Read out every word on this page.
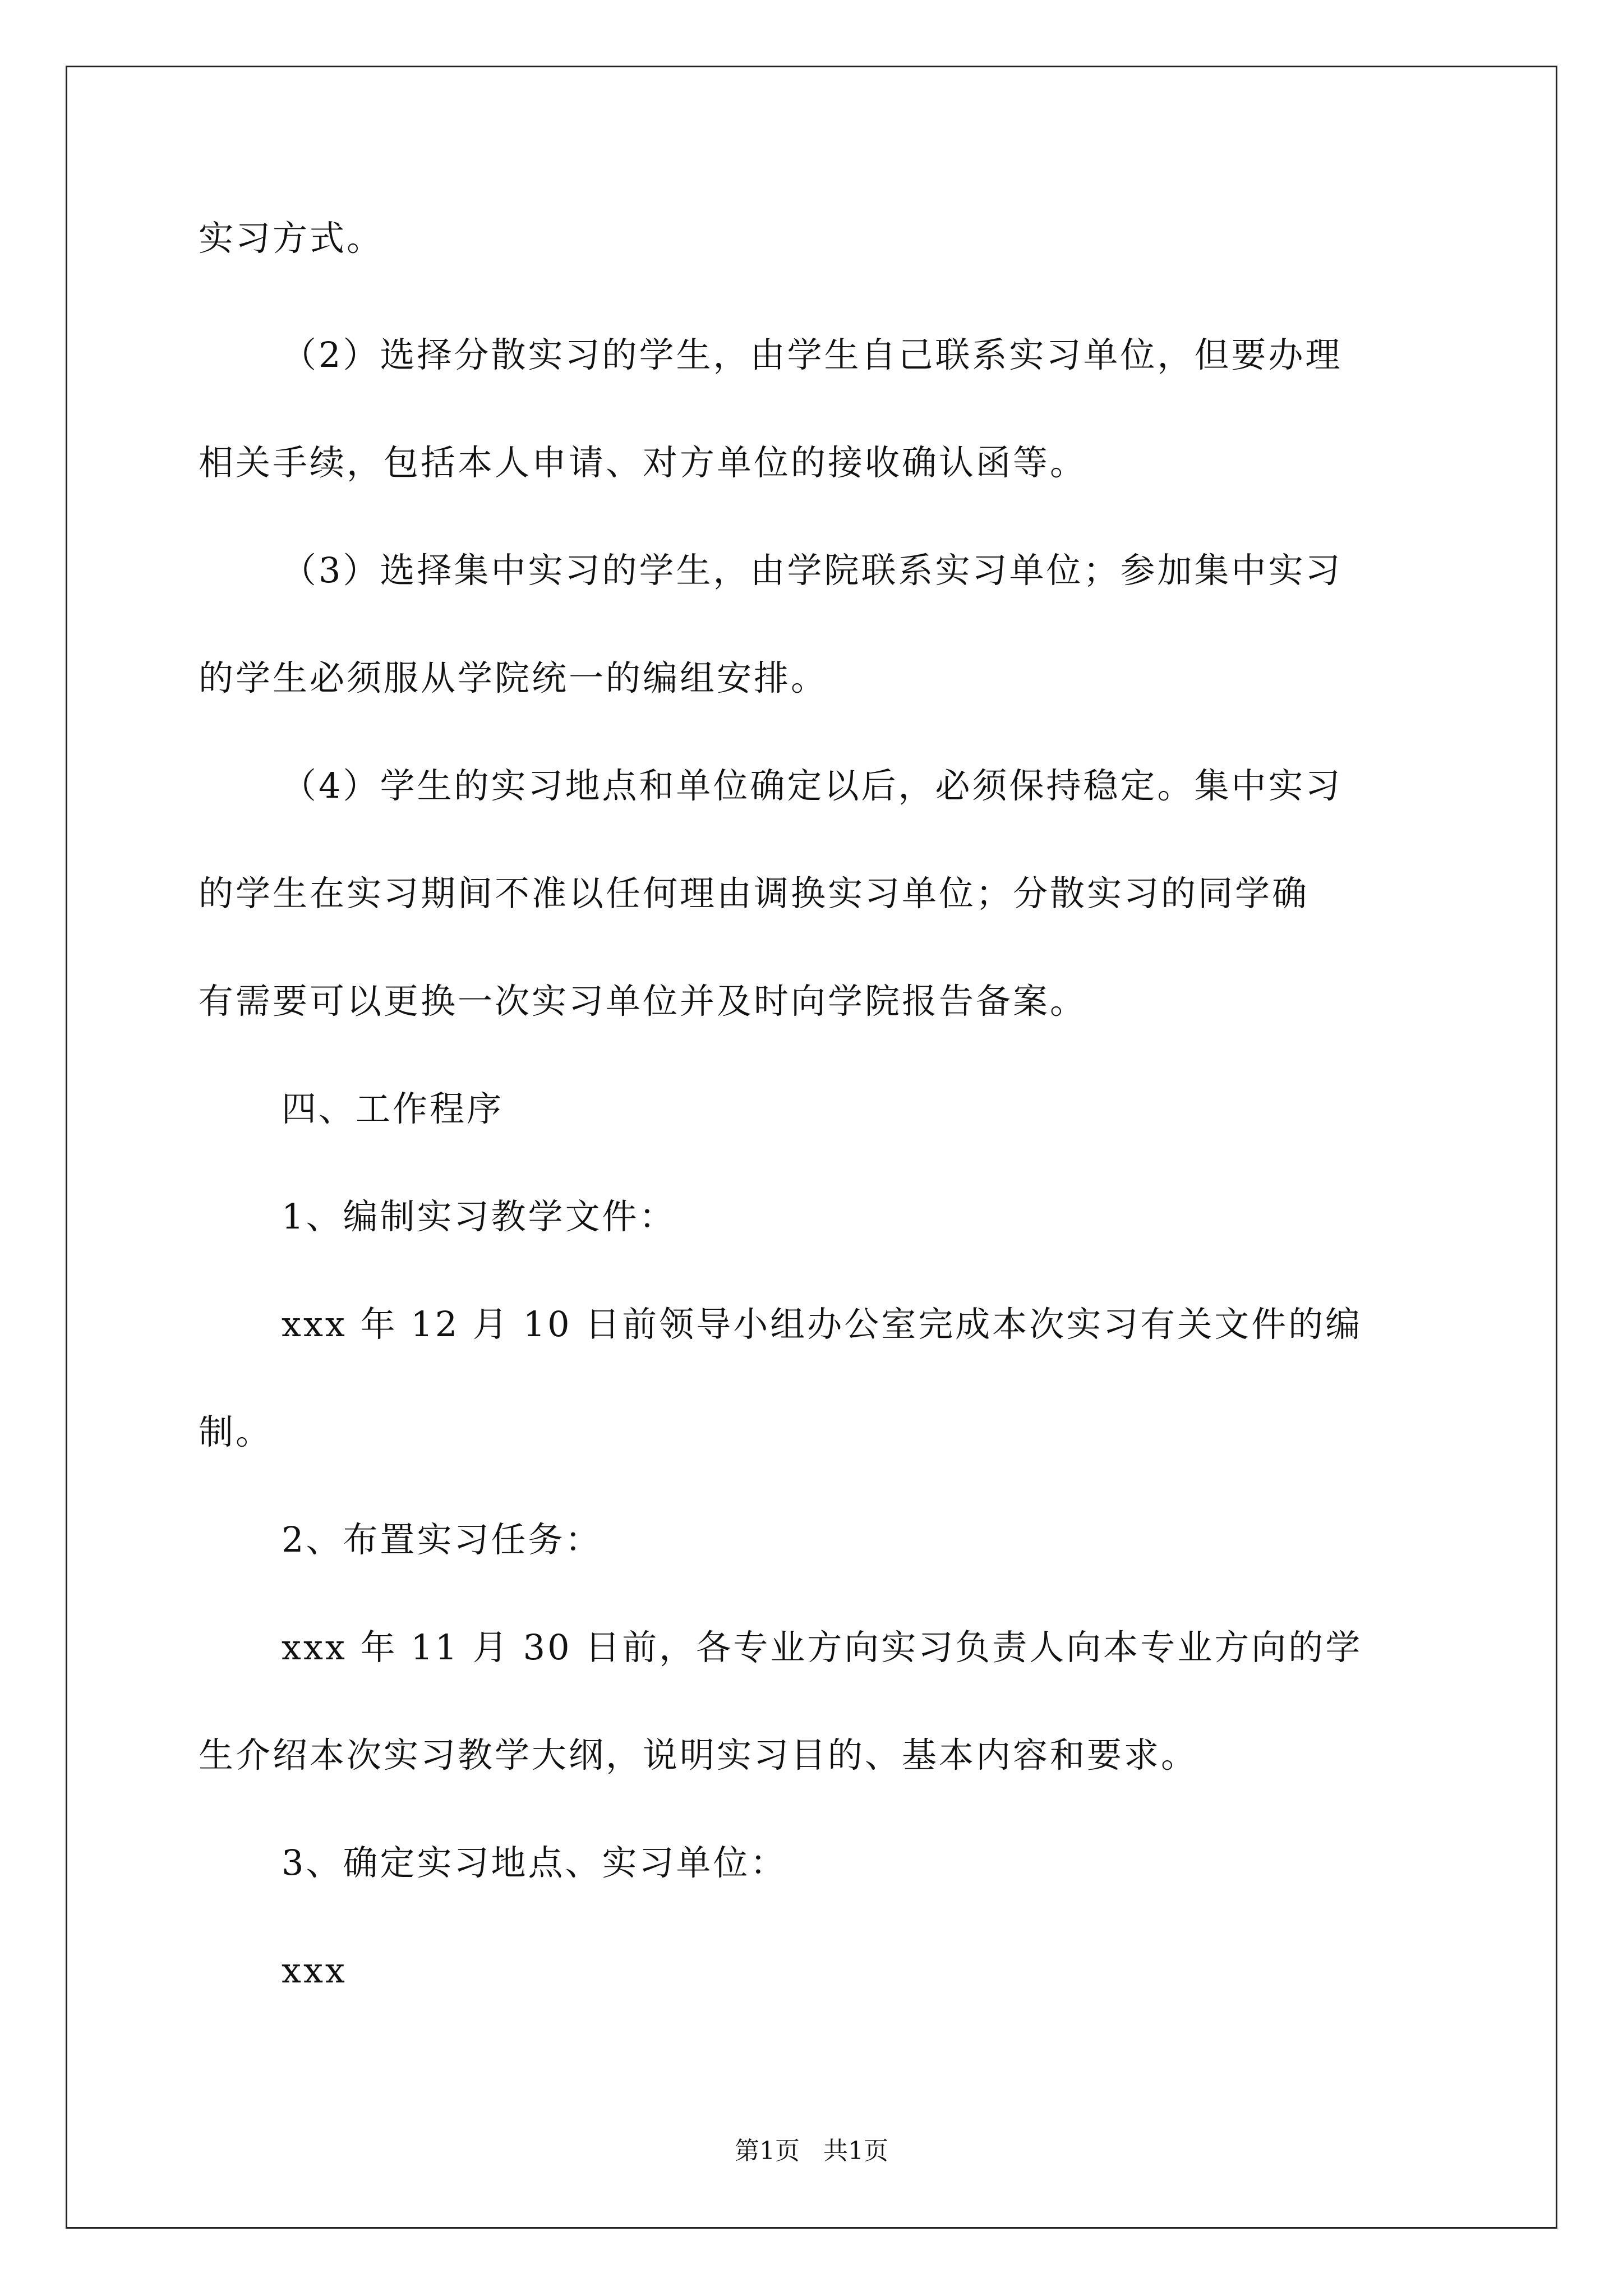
实习方式。
（2）选择分散实习的学生，由学生自己联系实习单位，但要办理
相关手续，包括本人申请、对方单位的接收确认函等。
（3）选择集中实习的学生，由学院联系实习单位；参加集中实习
的学生必须服从学院统一的编组安排。
（4）学生的实习地点和单位确定以后，必须保持稳定。集中实习
的学生在实习期间不准以任何理由调换实习单位；分散实习的同学确
有需要可以更换一次实习单位并及时向学院报告备案。
四、工作程序
1、编制实习教学文件：
xxx 年 12 月 10 日前领导小组办公室完成本次实习有关文件的编
制。
2、布置实习任务：
xxx 年 11 月 30 日前，各专业方向实习负责人向本专业方向的学
生介绍本次实习教学大纲，说明实习目的、基本内容和要求。
3、确定实习地点、实习单位：
xxx
第1页   共1页
